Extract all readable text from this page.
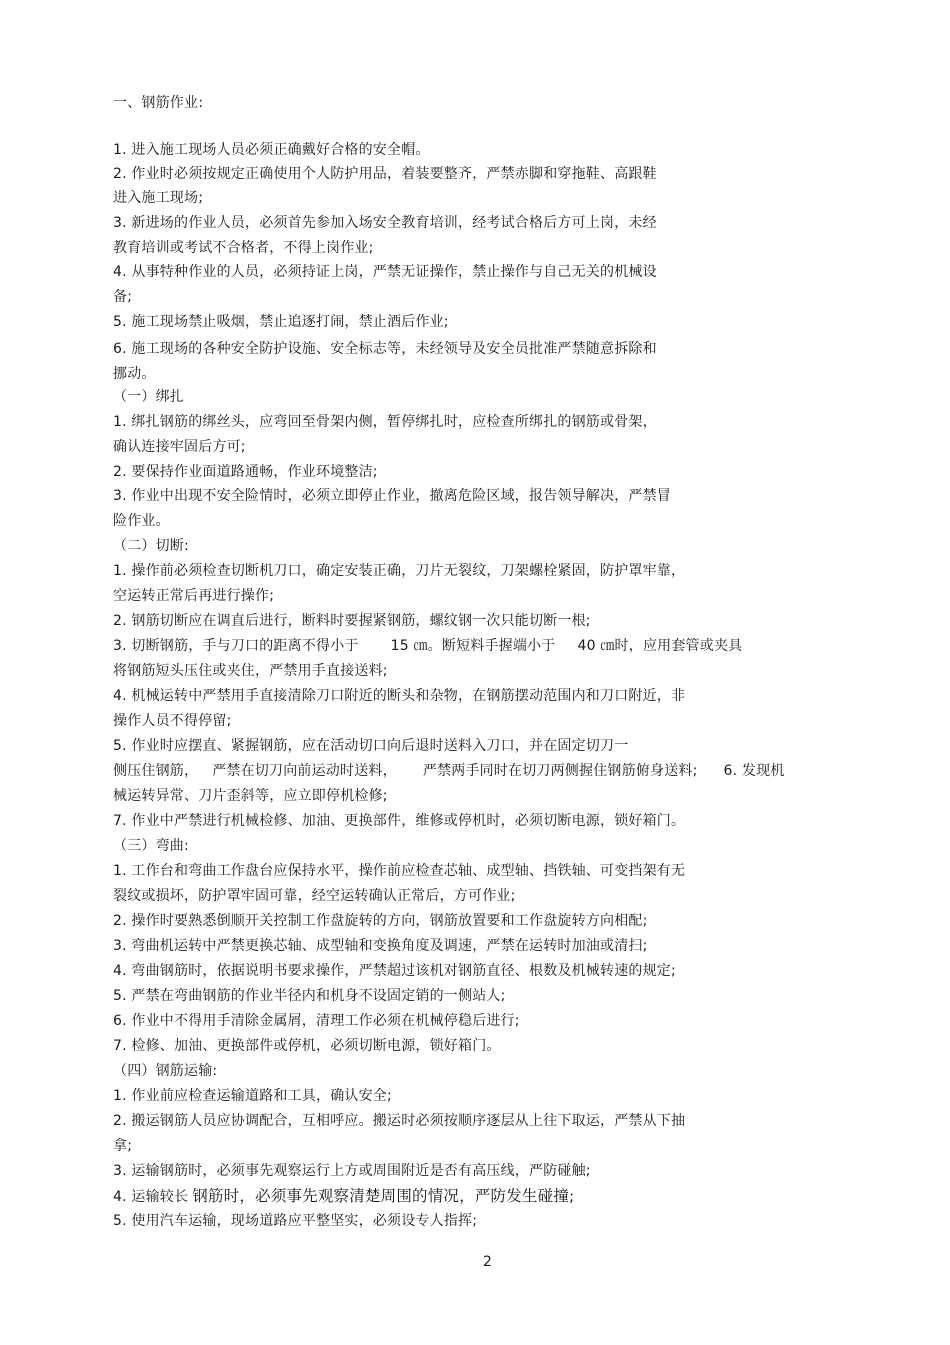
一、钢筋作业:
1. 进入施工现场人员必须正确戴好合格的安全帽。
2. 作业时必须按规定正确使用个人防护用品，着装要整齐，严禁赤脚和穿拖鞋、高跟鞋
进入施工现场;
3. 新进场的作业人员，必须首先参加入场安全教育培训，经考试合格后方可上岗，未经
教育培训或考试不合格者，不得上岗作业;
4. 从事特种作业的人员，必须持证上岗，严禁无证操作，禁止操作与自己无关的机械设
备;
5. 施工现场禁止吸烟，禁止追逐打闹，禁止酒后作业;
6. 施工现场的各种安全防护设施、安全标志等，未经领导及安全员批准严禁随意拆除和
挪动。
（一）绑扎
1. 绑扎钢筋的绑丝头，应弯回至骨架内侧，暂停绑扎时，应检查所绑扎的钢筋或骨架，
确认连接牢固后方可;
2. 要保持作业面道路通畅，作业环境整洁;
3. 作业中出现不安全险情时，必须立即停止作业，撤离危险区域，报告领导解决，严禁冒
险作业。
（二）切断:
1. 操作前必须检查切断机刀口，确定安装正确，刀片无裂纹，刀架螺栓紧固，防护罩牢靠，
空运转正常后再进行操作;
2. 钢筋切断应在调直后进行，断料时要握紧钢筋，螺纹钢一次只能切断一根;
3. 切断钢筋，手与刀口的距离不得小于 15 ㎝。断短料手握端小于 40 ㎝时，应用套管或夹具
将钢筋短头压住或夹住，严禁用手直接送料;
4. 机械运转中严禁用手直接清除刀口附近的断头和杂物，在钢筋摆动范围内和刀口附近，非
操作人员不得停留;
5. 作业时应摆直、紧握钢筋，应在活动切口向后退时送料入刀口，并在固定切刀一
侧压住钢筋， 严禁在切刀向前运动时送料， 严禁两手同时在切刀两侧握住钢筋俯身送料; 6. 发现机
械运转异常、刀片歪斜等，应立即停机检修;
7. 作业中严禁进行机械检修、加油、更换部件，维修或停机时，必须切断电源，锁好箱门。
（三）弯曲:
1. 工作台和弯曲工作盘台应保持水平，操作前应检查芯轴、成型轴、挡铁轴、可变挡架有无
裂纹或损坏，防护罩牢固可靠，经空运转确认正常后，方可作业;
2. 操作时要熟悉倒顺开关控制工作盘旋转的方向，钢筋放置要和工作盘旋转方向相配;
3. 弯曲机运转中严禁更换芯轴、成型轴和变换角度及调速，严禁在运转时加油或清扫;
4. 弯曲钢筋时，依据说明书要求操作，严禁超过该机对钢筋直径、根数及机械转速的规定;
5. 严禁在弯曲钢筋的作业半径内和机身不设固定销的一侧站人;
6. 作业中不得用手清除金属屑，清理工作必须在机械停稳后进行;
7. 检修、加油、更换部件或停机，必须切断电源，锁好箱门。
（四）钢筋运输:
1. 作业前应检查运输道路和工具，确认安全;
2. 搬运钢筋人员应协调配合，互相呼应。搬运时必须按顺序逐层从上往下取运，严禁从下抽
拿;
3. 运输钢筋时，必须事先观察运行上方或周围附近是否有高压线，严防碰触;
4. 运输较长 钢筋时，必须事先观察清楚周围的情况，严防发生碰撞;
5. 使用汽车运输，现场道路应平整坚实，必须设专人指挥;
2
